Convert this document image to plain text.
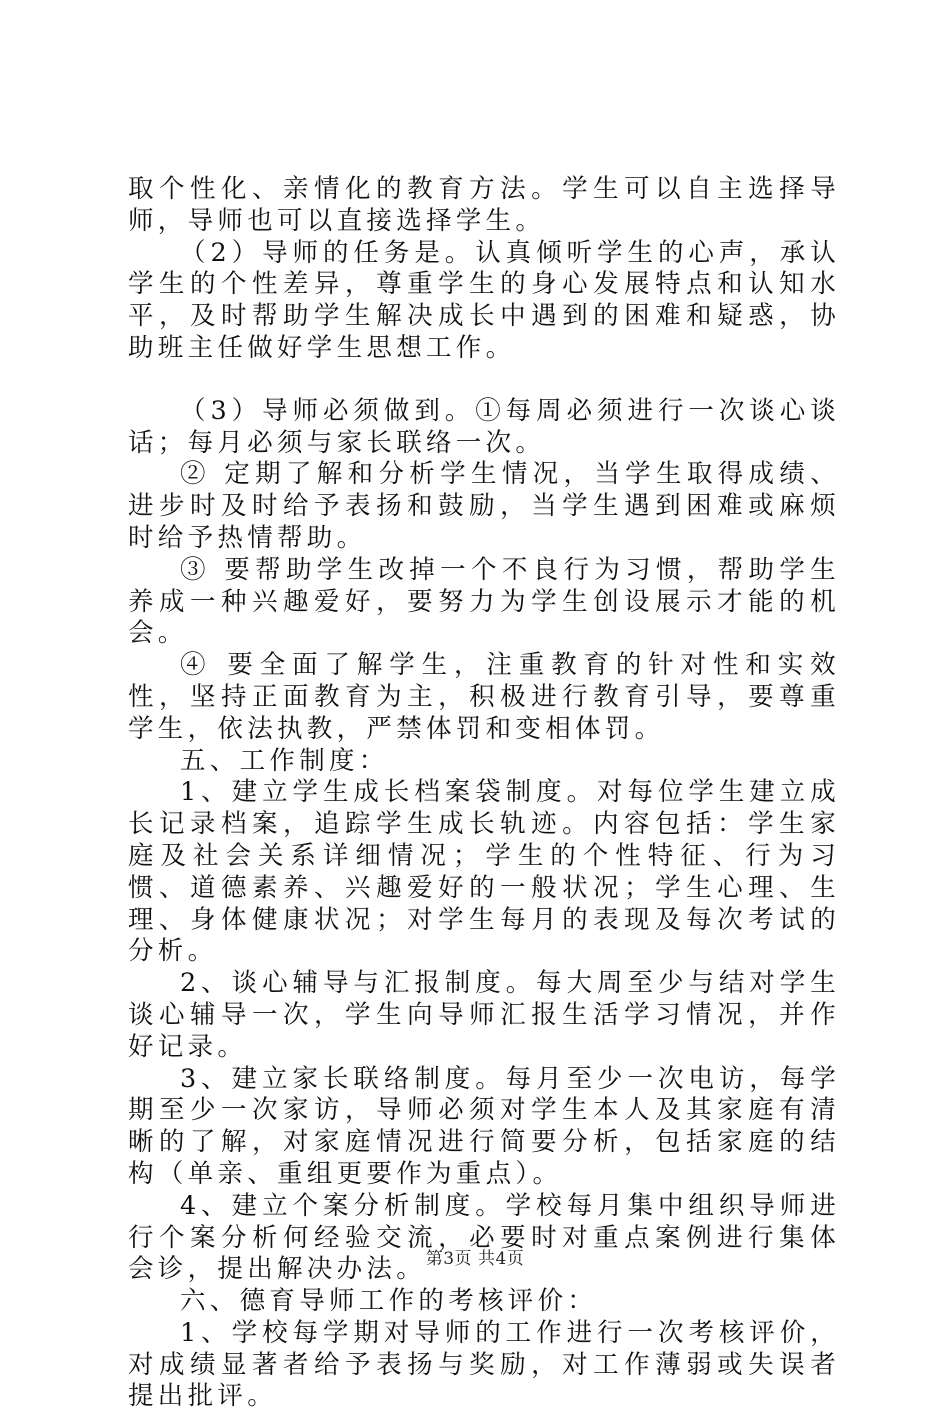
取个性化、亲情化的教育方法。学生可以自主选择导师，导师也可以直接选择学生。

（2）导师的任务是。认真倾听学生的心声，承认学生的个性差异，尊重学生的身心发展特点和认知水平，及时帮助学生解决成长中遇到的困难和疑惑，协助班主任做好学生思想工作。

（3）导师必须做到。①每周必须进行一次谈心谈话；每月必须与家长联络一次。

② 定期了解和分析学生情况，当学生取得成绩、进步时及时给予表扬和鼓励，当学生遇到困难或麻烦时给予热情帮助。

③ 要帮助学生改掉一个不良行为习惯，帮助学生养成一种兴趣爱好，要努力为学生创设展示才能的机会。

④ 要全面了解学生，注重教育的针对性和实效性，坚持正面教育为主，积极进行教育引导，要尊重学生，依法执教，严禁体罚和变相体罚。

五、工作制度：

1、建立学生成长档案袋制度。对每位学生建立成长记录档案，追踪学生成长轨迹。内容包括：学生家庭及社会关系详细情况；学生的个性特征、行为习惯、道德素养、兴趣爱好的一般状况；学生心理、生理、身体健康状况；对学生每月的表现及每次考试的分析。

2、谈心辅导与汇报制度。每大周至少与结对学生谈心辅导一次，学生向导师汇报生活学习情况，并作好记录。

3、建立家长联络制度。每月至少一次电访，每学期至少一次家访，导师必须对学生本人及其家庭有清晰的了解，对家庭情况进行简要分析，包括家庭的结构（单亲、重组更要作为重点）。

4、建立个案分析制度。学校每月集中组织导师进行个案分析何经验交流，必要时对重点案例进行集体会诊，提出解决办法。

六、德育导师工作的考核评价：

1、学校每学期对导师的工作进行一次考核评价，对成绩显著者给予表扬与奖励，对工作薄弱或失误者提出批评。

第3页 共4页
